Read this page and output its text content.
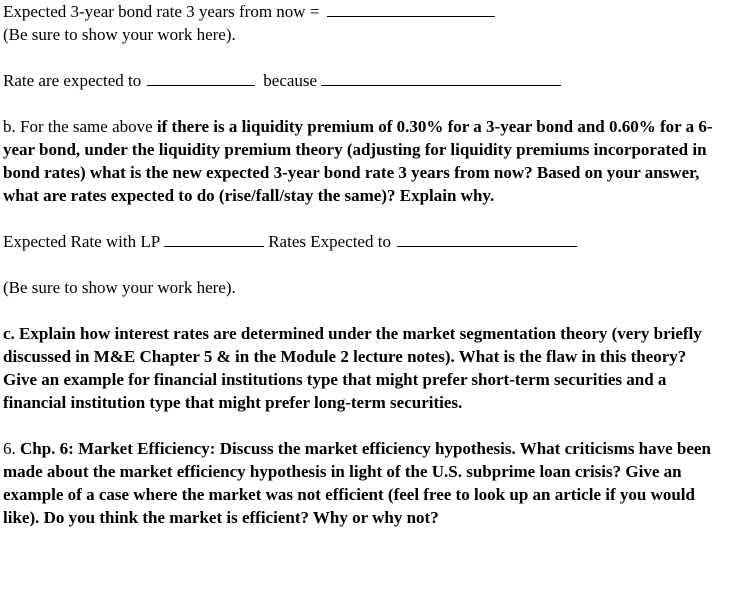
Expected 3-year bond rate 3 years from now =
(Be sure to show your work here).
Rate are expected to	because

b. For the same above if there is a liquidity premium of 0.30% for a 3-year bond and 0.60% for a 6-year bond, under the liquidity premium theory (adjusting for liquidity premiums incorporated in bond rates) what is the new expected 3-year bond rate 3 years from now? Based on your answer, what are rates expected to do (rise/fall/stay the same)? Explain why.

Expected Rate with LP	Rates Expected to
(Be sure to show your work here).

c. Explain how interest rates are determined under the market segmentation theory (very briefly discussed in M&E Chapter 5 & in the Module 2 lecture notes). What is the flaw in this theory? Give an example for financial institutions type that might prefer short-term securities and a financial institution type that might prefer long-term securities.

6. Chp. 6: Market Efficiency: Discuss the market efficiency hypothesis. What criticisms have been made about the market efficiency hypothesis in light of the U.S. subprime loan crisis? Give an example of a case where the market was not efficient (feel free to look up an article if you would like). Do you think the market is efficient? Why or why not?
